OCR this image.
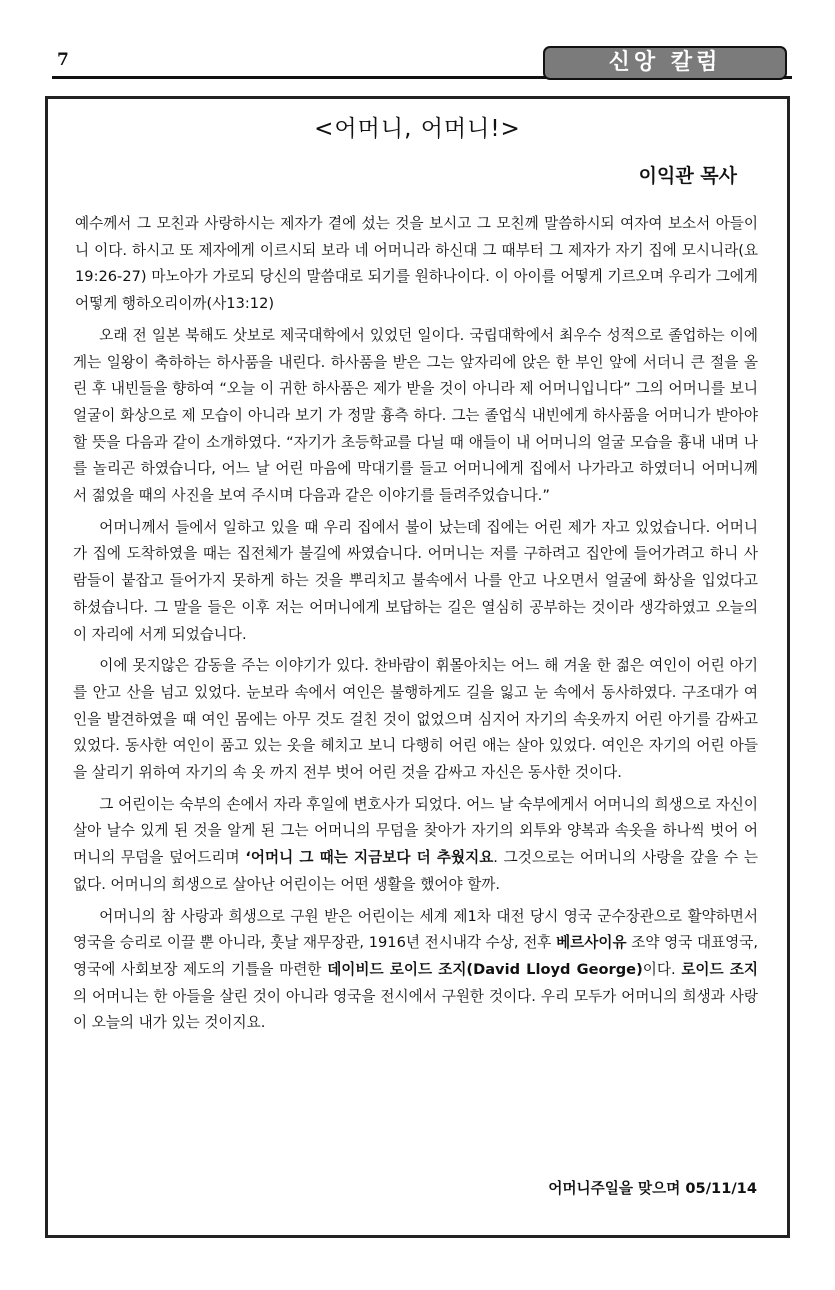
7	신앙 칼럼
<어머니, 어머니!>
이익관 목사

예수께서 그 모친과 사랑하시는 제자가 곁에 섰는 것을 보시고 그 모친께 말씀하시되 여자여 보소서 아들이니 이다. 하시고 또 제자에게 이르시되 보라 네 어머니라 하신대 그 때부터 그 제자가 자기 집에 모시니라(요19:26-27) 마노아가 가로되 당신의 말씀대로 되기를 원하나이다. 이 아이를 어떻게 기르오며 우리가 그에게 어떻게 행하오리이까(사13:12)

오래 전 일본 북해도 삿보로 제국대학에서 있었던 일이다. 국립대학에서 최우수 성적으로 졸업하는 이에게는 일왕이 축하하는 하사품을 내린다. 하사품을 받은 그는 앞자리에 앉은 한 부인 앞에 서더니 큰 절을 올린 후 내빈들을 향하여 “오늘 이 귀한 하사품은 제가 받을 것이 아니라 제 어머니입니다” 그의 어머니를 보니 얼굴이 화상으로 제 모습이 아니라 보기 가 정말 흉측 하다. 그는 졸업식 내빈에게 하사품을 어머니가 받아야 할 뜻을 다음과 같이 소개하였다. “자기가 초등학교를 다닐 때 애들이 내 어머니의 얼굴 모습을 흉내 내며 나를 놀리곤 하였습니다, 어느 날 어린 마음에 막대기를 들고 어머니에게 집에서 나가라고 하였더니 어머니께서 젊었을 때의 사진을 보여 주시며 다음과 같은 이야기를 들려주었습니다.”

어머니께서 들에서 일하고 있을 때 우리 집에서 불이 났는데 집에는 어린 제가 자고 있었습니다. 어머니가 집에 도착하였을 때는 집전체가 불길에 싸였습니다. 어머니는 저를 구하려고 집안에 들어가려고 하니 사람들이 붙잡고 들어가지 못하게 하는 것을 뿌리치고 불속에서 나를 안고 나오면서 얼굴에 화상을 입었다고 하셨습니다. 그 말을 들은 이후 저는 어머니에게 보답하는 길은 열심히 공부하는 것이라 생각하였고 오늘의 이 자리에 서게 되었습니다.

이에 못지않은 감동을 주는 이야기가 있다. 찬바람이 휘몰아치는 어느 해 겨울 한 젊은 여인이 어린 아기를 안고 산을 넘고 있었다. 눈보라 속에서 여인은 불행하게도 길을 잃고 눈 속에서 동사하였다. 구조대가 여인을 발견하였을 때 여인 몸에는 아무 것도 걸친 것이 없었으며 심지어 자기의 속옷까지 어린 아기를 감싸고 있었다. 동사한 여인이 품고 있는 옷을 헤치고 보니 다행히 어린 애는 살아 있었다. 여인은 자기의 어린 아들을 살리기 위하여 자기의 속 옷 까지 전부 벗어 어린 것을 감싸고 자신은 동사한 것이다.

그 어린이는 숙부의 손에서 자라 후일에 변호사가 되었다. 어느 날 숙부에게서 어머니의 희생으로 자신이 살아 날수 있게 된 것을 알게 된 그는 어머니의 무덤을 찾아가 자기의 외투와 양복과 속옷을 하나씩 벗어 어머니의 무덤을 덮어드리며 ‘어머니 그 때는 지금보다 더 추웠지요. 그것으로는 어머니의 사랑을 갚을 수 는 없다. 어머니의 희생으로 살아난 어린이는 어떤 생활을 했어야 할까.

어머니의 참 사랑과 희생으로 구원 받은 어린이는 세계 제1차 대전 당시 영국 군수장관으로 활약하면서 영국을 승리로 이끌 뿐 아니라, 훗날 재무장관, 1916년 전시내각 수상, 전후 베르사이유 조약 영국 대표영국, 영국에 사회보장 제도의 기틀을 마련한 데이비드 로이드 조지(David Lloyd George)이다. 로이드 조지의 어머니는 한 아들을 살린 것이 아니라 영국을 전시에서 구원한 것이다. 우리 모두가 어머니의 희생과 사랑이 오늘의 내가 있는 것이지요.

어머니주일을 맞으며 05/11/14
